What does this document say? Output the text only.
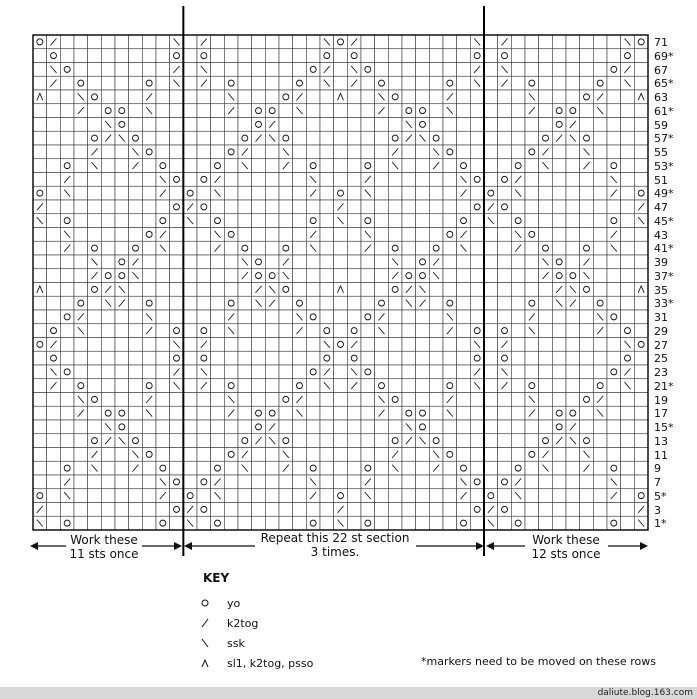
71
69*
67
65*
63
61*
59
57*
55
53*
51
49*
47
45*
43
41*
39
37*
35
33*
31
29
27
25
23
21*
19
17
15*
13
11
9
7
5*
3
1*
Work these
11 sts once
Repeat this 22 st section
3 times.
Work these
12 sts once
KEY
yo
k2tog
ssk
sl1, k2tog, psso	*markers need to be moved on these rows
daliute.blog.163.com
